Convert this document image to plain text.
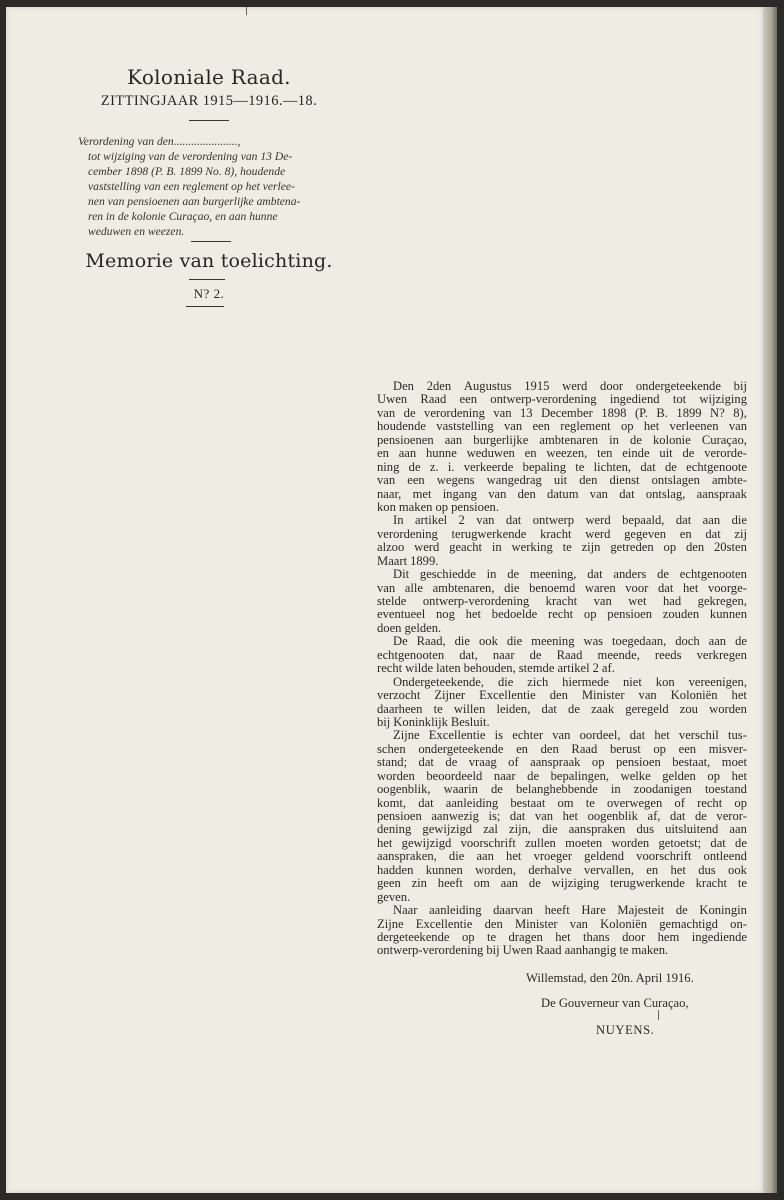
Koloniale Raad.
ZITTINGJAAR 1915—1916.—18.
Verordening van den......................,
tot wijziging van de verordening van 13 De-
cember 1898 (P. B. 1899 No. 8), houdende
vaststelling van een reglement op het verlee-
nen van pensioenen aan burgerlijke ambtena-
ren in de kolonie Curaçao, en aan hunne
weduwen en weezen.
Memorie van toelichting.
N? 2.
Den 2den Augustus 1915 werd door ondergeteekende bij
Uwen Raad een ontwerp-verordening ingediend tot wijziging
van de verordening van 13 December 1898 (P. B. 1899 N? 8),
houdende vaststelling van een reglement op het verleenen van
pensioenen aan burgerlijke ambtenaren in de kolonie Curaçao,
en aan hunne weduwen en weezen, ten einde uit de verorde-
ning de z. i. verkeerde bepaling te lichten, dat de echtgenoote
van een wegens wangedrag uit den dienst ontslagen ambte-
naar, met ingang van den datum van dat ontslag, aanspraak
kon maken op pensioen.
In artikel 2 van dat ontwerp werd bepaald, dat aan die
verordening terugwerkende kracht werd gegeven en dat zij
alzoo werd geacht in werking te zijn getreden op den 20sten
Maart 1899.
Dit geschiedde in de meening, dat anders de echtgenooten
van alle ambtenaren, die benoemd waren voor dat het voorge-
stelde ontwerp-verordening kracht van wet had gekregen,
eventueel nog het bedoelde recht op pensioen zouden kunnen
doen gelden.
De Raad, die ook die meening was toegedaan, doch aan de
echtgenooten dat, naar de Raad meende, reeds verkregen
recht wilde laten behouden, stemde artikel 2 af.
Ondergeteekende, die zich hiermede niet kon vereenigen,
verzocht Zijner Excellentie den Minister van Koloniën het
daarheen te willen leiden, dat de zaak geregeld zou worden
bij Koninklijk Besluit.
Zijne Excellentie is echter van oordeel, dat het verschil tus-
schen ondergeteekende en den Raad berust op een misver-
stand; dat de vraag of aanspraak op pensioen bestaat, moet
worden beoordeeld naar de bepalingen, welke gelden op het
oogenblik, waarin de belanghebbende in zoodanigen toestand
komt, dat aanleiding bestaat om te overwegen of recht op
pensioen aanwezig is; dat van het oogenblik af, dat de veror-
dening gewijzigd zal zijn, die aanspraken dus uitsluitend aan
het gewijzigd voorschrift zullen moeten worden getoetst; dat de
aanspraken, die aan het vroeger geldend voorschrift ontleend
hadden kunnen worden, derhalve vervallen, en het dus ook
geen zin heeft om aan de wijziging terugwerkende kracht te
geven.
Naar aanleiding daarvan heeft Hare Majesteit de Koningin
Zijne Excellentie den Minister van Koloniën gemachtigd on-
dergeteekende op te dragen het thans door hem ingediende
ontwerp-verordening bij Uwen Raad aanhangig te maken.
Willemstad, den 20n. April 1916.
De Gouverneur van Curaçao,
NUYENS.
